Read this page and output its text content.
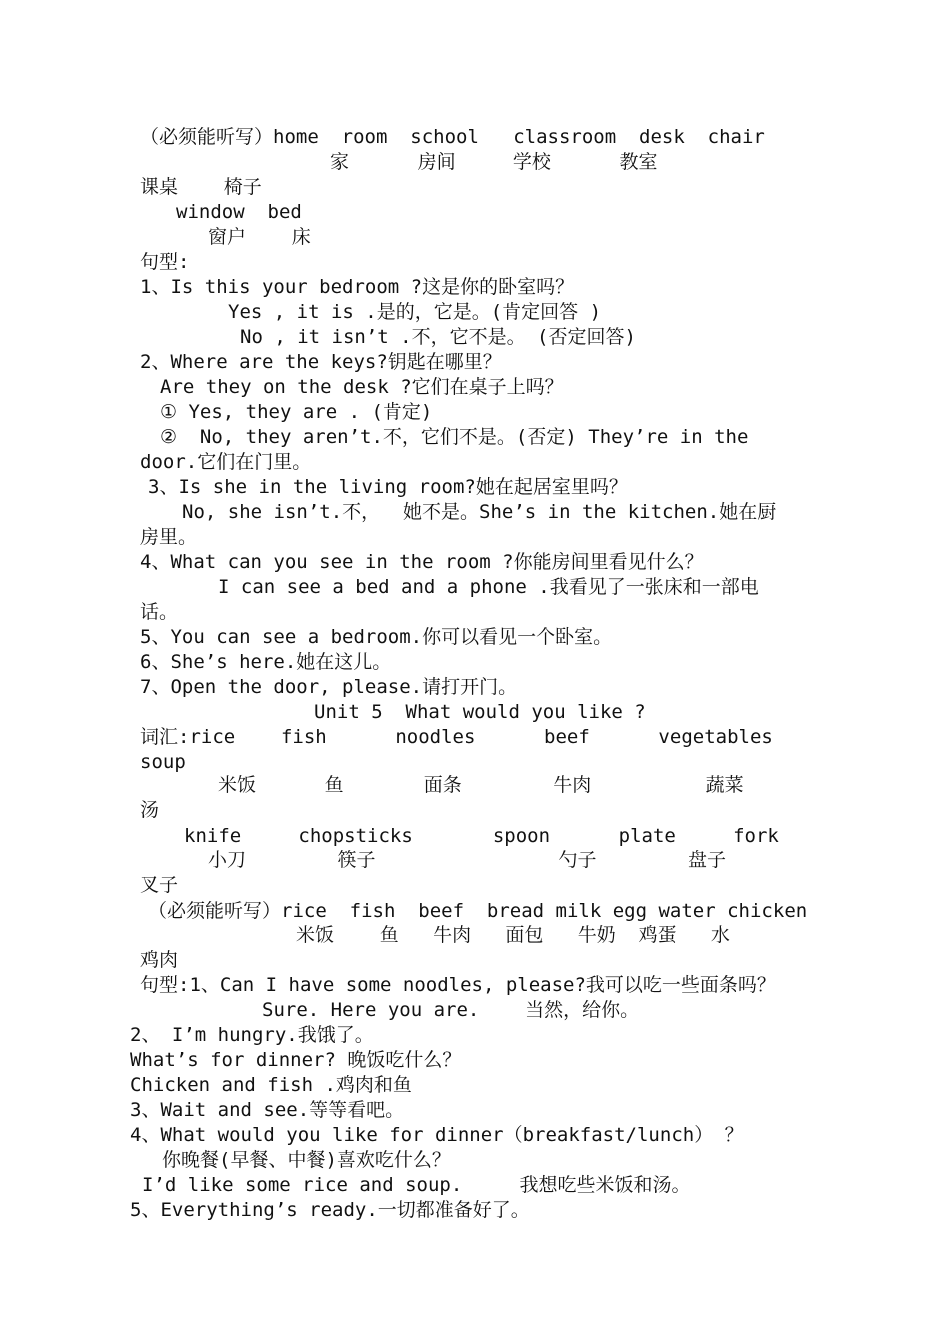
（必须能听写）home  room  school   classroom  desk  chair
家      房间     学校      教室
课桌    椅子
window  bed
窗户    床
句型:
1、Is this your bedroom ?这是你的卧室吗？
Yes , it is .是的，它是。(肯定回答 )
No , it isn’t .不，它不是。 (否定回答)
2、Where are the keys?钥匙在哪里？
Are they on the desk ?它们在桌子上吗？
① Yes, they are . (肯定)
②  No, they aren’t.不，它们不是。(否定) They’re in the
door.它们在门里。
3、Is she in the living room?她在起居室里吗？
No, she isn’t.不，  她不是。She’s in the kitchen.她在厨
房里。
4、What can you see in the room ?你能房间里看见什么？
I can see a bed and a phone .我看见了一张床和一部电
话。
5、You can see a bedroom.你可以看见一个卧室。
6、She’s here.她在这儿。
7、Open the door, please.请打开门。
Unit 5  What would you like ?
词汇:rice    fish      noodles      beef      vegetables
soup
米饭      鱼       面条        牛肉          蔬菜
汤
knife     chopsticks       spoon      plate     fork
小刀        筷子                勺子        盘子
叉子
（必须能听写）rice  fish  beef  bread milk egg water chicken
米饭    鱼   牛肉   面包   牛奶  鸡蛋   水
鸡肉
句型:1、Can I have some noodles, please?我可以吃一些面条吗？
Sure. Here you are.    当然，给你。
2、 I’m hungry.我饿了。
What’s for dinner? 晚饭吃什么？
Chicken and fish .鸡肉和鱼
3、Wait and see.等等看吧。
4、What would you like for dinner（breakfast/lunch） ？
你晚餐(早餐、中餐)喜欢吃什么？
I’d like some rice and soup.     我想吃些米饭和汤。
5、Everything’s ready.一切都准备好了。
